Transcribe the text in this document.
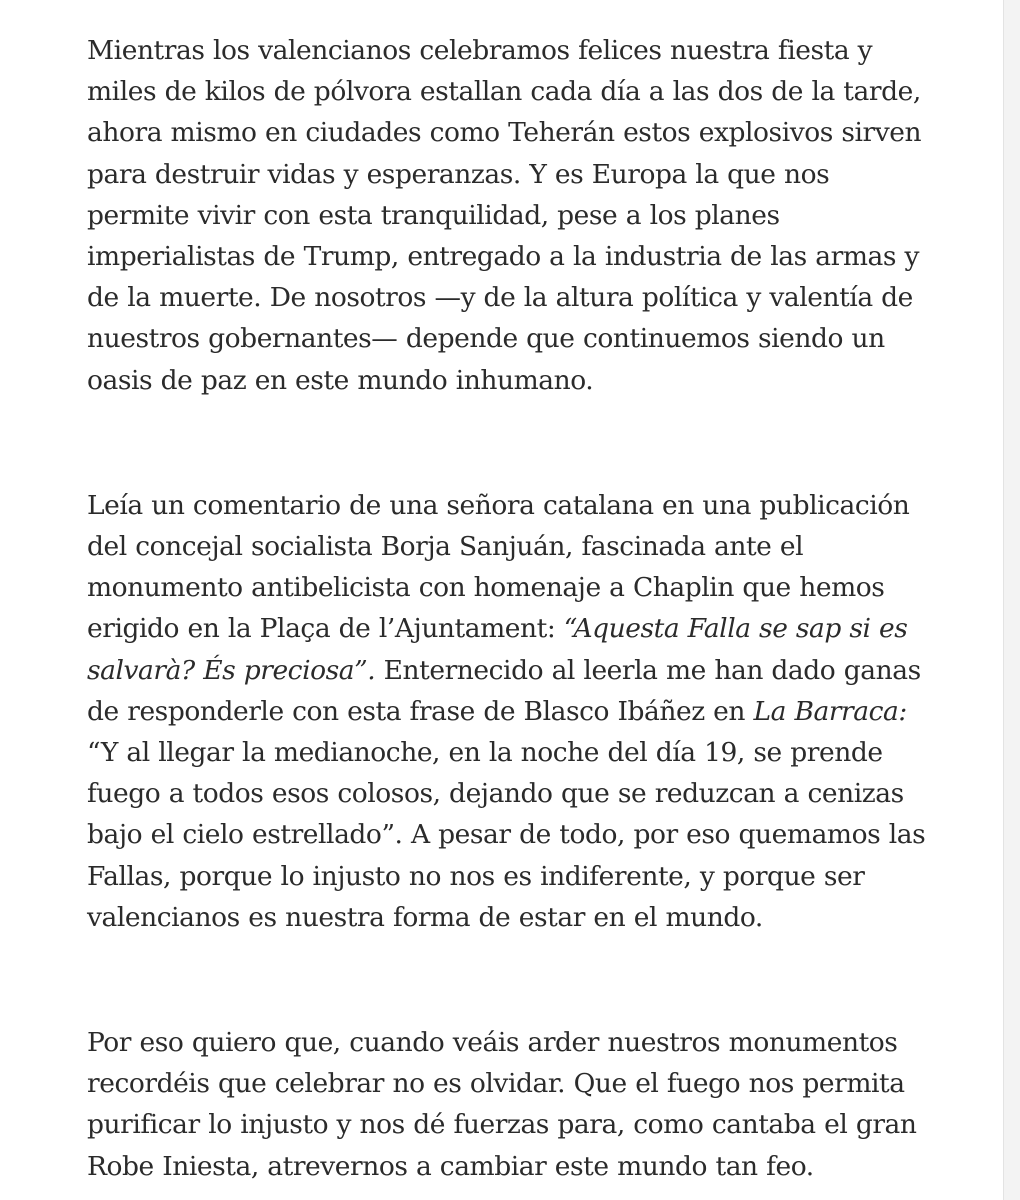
Mientras los valencianos celebramos felices nuestra fiesta y
miles de kilos de pólvora estallan cada día a las dos de la tarde,
ahora mismo en ciudades como Teherán estos explosivos sirven
para destruir vidas y esperanzas. Y es Europa la que nos
permite vivir con esta tranquilidad, pese a los planes
imperialistas de Trump, entregado a la industria de las armas y
de la muerte. De nosotros —y de la altura política y valentía de
nuestros gobernantes— depende que continuemos siendo un
oasis de paz en este mundo inhumano.

Leía un comentario de una señora catalana en una publicación
del concejal socialista Borja Sanjuán, fascinada ante el
monumento antibelicista con homenaje a Chaplin que hemos
erigido en la Plaça de l’Ajuntament: “Aquesta Falla se sap si es
salvarà? És preciosa”. Enternecido al leerla me han dado ganas
de responderle con esta frase de Blasco Ibáñez en La Barraca:
“Y al llegar la medianoche, en la noche del día 19, se prende
fuego a todos esos colosos, dejando que se reduzcan a cenizas
bajo el cielo estrellado”. A pesar de todo, por eso quemamos las
Fallas, porque lo injusto no nos es indiferente, y porque ser
valencianos es nuestra forma de estar en el mundo.

Por eso quiero que, cuando veáis arder nuestros monumentos
recordéis que celebrar no es olvidar. Que el fuego nos permita
purificar lo injusto y nos dé fuerzas para, como cantaba el gran
Robe Iniesta, atrevernos a cambiar este mundo tan feo.
